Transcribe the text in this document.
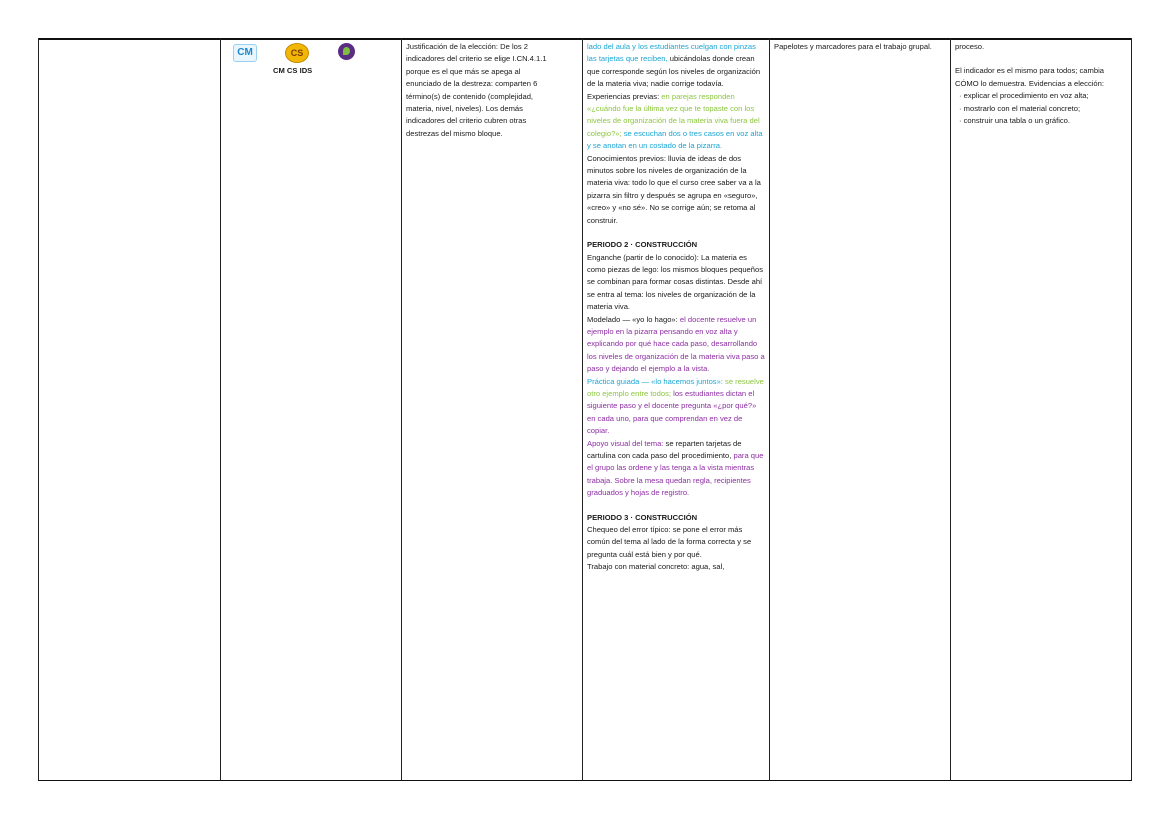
CM	CS
CM CS IDS

Justificación de la elección: De los 2

indicadores del criterio se elige I.CN.4.1.1

porque es el que más se apega al

enunciado de la destreza: comparten 6

término(s) de contenido (complejidad,

materia, nivel, niveles). Los demás

indicadores del criterio cubren otras

destrezas del mismo bloque.

lado del aula y los estudiantes cuelgan con pinzas las tarjetas que reciben, ubicándolas donde crean que corresponde según los niveles de organización de la materia viva; nadie corrige todavía.

Experiencias previas: en parejas responden «¿cuándo fue la última vez que te topaste con los niveles de organización de la materia viva fuera del colegio?»; se escuchan dos o tres casos en voz alta y se anotan en un costado de la pizarra.

Conocimientos previos: lluvia de ideas de dos minutos sobre los niveles de organización de la materia viva: todo lo que el curso cree saber va a la pizarra sin filtro y después se agrupa en «seguro», «creo» y «no sé». No se corrige aún; se retoma al construir.

PERIODO 2 · CONSTRUCCIÓN

Enganche (partir de lo conocido): La materia es como piezas de lego: los mismos bloques pequeños se combinan para formar cosas distintas. Desde ahí se entra al tema: los niveles de organización de la materia viva.

Modelado — «yo lo hago»: el docente resuelve un ejemplo en la pizarra pensando en voz alta y explicando por qué hace cada paso, desarrollando los niveles de organización de la materia viva paso a paso y dejando el ejemplo a la vista.

Práctica guiada — «lo hacemos juntos»: se resuelve otro ejemplo entre todos; los estudiantes dictan el siguiente paso y el docente pregunta «¿por qué?» en cada uno, para que comprendan en vez de copiar.

Apoyo visual del tema: se reparten tarjetas de cartulina con cada paso del procedimiento, para que el grupo las ordene y las tenga a la vista mientras trabaja. Sobre la mesa quedan regla, recipientes graduados y hojas de registro.

PERIODO 3 · CONSTRUCCIÓN

Chequeo del error típico: se pone el error más común del tema al lado de la forma correcta y se pregunta cuál está bien y por qué.

Trabajo con material concreto: agua, sal,

Papelotes y marcadores para el trabajo grupal.	proceso.

El indicador es el mismo para todos; cambia CÓMO lo demuestra. Evidencias a elección:

· explicar el procedimiento en voz alta;

· mostrarlo con el material concreto;

· construir una tabla o un gráfico.
